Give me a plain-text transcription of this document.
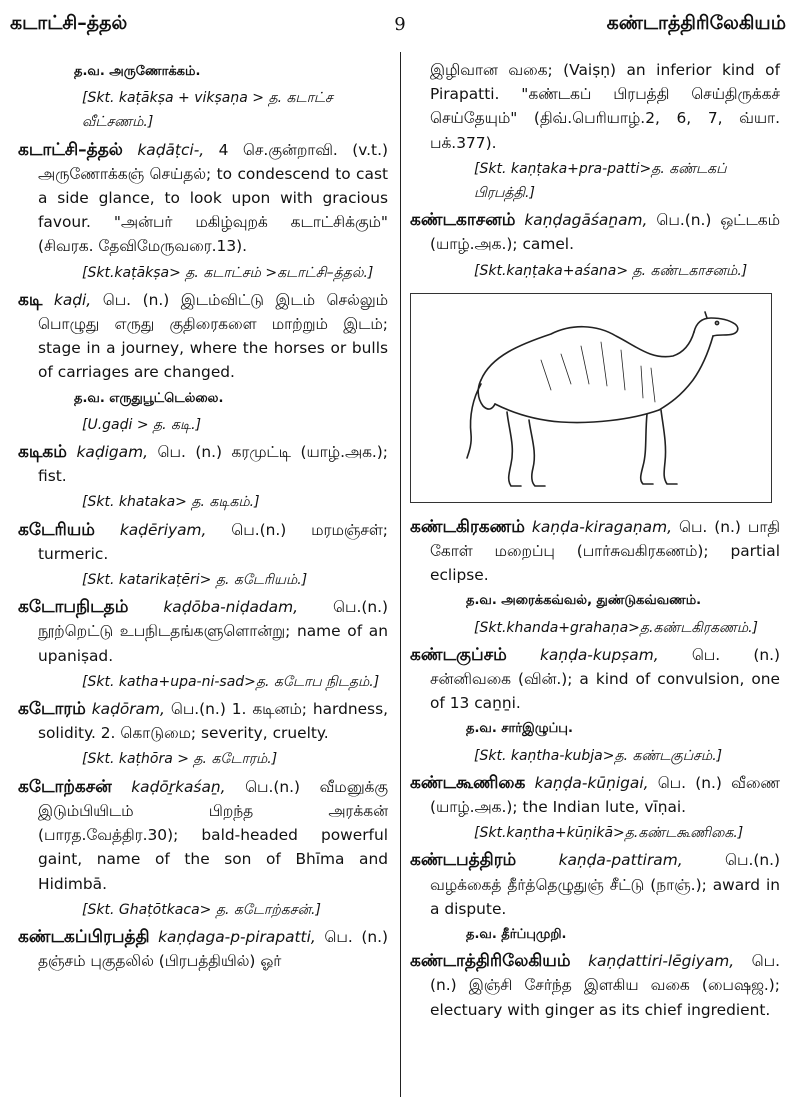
கடாட்சி–த்தல்	9	கண்டாத்திரிலேகியம்
த.வ. அருணோக்கம்.
[Skt. kaṭākṣa + vikṣaṇa > த. கடாட்ச வீட்சணம்.]
கடாட்சி–த்தல் kaḍāṭci-, 4 செ.குன்றாவி. (v.t.) அருணோக்கஞ் செய்தல்; to condescend to cast a side glance, to look upon with gracious favour. "அன்பர் மகிழ்வுறக் கடாட்சிக்கும்" (சிவரக. தேவிமேருவரை.13).
[Skt.kaṭākṣa> த. கடாட்சம் >கடாட்சி–த்தல்.]
கடி kaḍi, பெ. (n.) இடம்விட்டு இடம் செல்லும் பொழுது எருது குதிரைகளை மாற்றும் இடம்; stage in a journey, where the horses or bulls of carriages are changed.
த.வ. எருதுபூட்டெல்லை.
[U.gaḍi > த. கடி.]
கடிகம் kaḍigam, பெ. (n.) கரமுட்டி (யாழ்.அக.); fist.
[Skt. khataka> த. கடிகம்.]
கடேரியம் kaḍēriyam, பெ.(n.) மரமஞ்சள்; turmeric.
[Skt. katarikaṭēri> த. கடேரியம்.]
கடோபநிடதம் kaḍōba-niḍadam, பெ.(n.) நூற்றெட்டு உபநிடதங்களுளொன்று; name of an upaniṣad.
[Skt. katha+upa-ni-sad>த. கடோப நிடதம்.]
கடோரம் kaḍōram, பெ.(n.) 1. கடினம்; hardness, solidity. 2. கொடுமை; severity, cruelty.
[Skt. kaṭhōra > த. கடோரம்.]
கடோற்கசன் kaḍōṟkaśaṉ, பெ.(n.) வீமனுக்கு இடும்பியிடம் பிறந்த அரக்கன் (பாரத.வேத்திர.30); bald-headed powerful gaint, name of the son of Bhīma and Hidimbā.
[Skt. Ghaṭōtkaca> த. கடோற்கசன்.]
கண்டகப்பிரபத்தி kaṇḍaga-p-pirapatti, பெ. (n.) தஞ்சம் புகுதலில் (பிரபத்தியில்) ஓர்
இழிவான வகை; (Vaiṣṇ) an inferior kind of Pirapatti. "கண்டகப் பிரபத்தி செய்திருக்கச் செய்தேயும்" (திவ்.பெரியாழ்.2, 6, 7, வ்யா. பக்.377).
[Skt. kaṇṭaka+pra-patti>த. கண்டகப் பிரபத்தி.]
கண்டகாசனம் kaṇḍagāśaṉam, பெ.(n.) ஒட்டகம் (யாழ்.அக.); camel.
[Skt.kaṇṭaka+aśana> த. கண்டகாசனம்.]
கண்டகிரகணம் kaṇḍa-kiragaṇam, பெ. (n.) பாதி கோள் மறைப்பு (பார்சுவகிரகணம்); partial eclipse.
த.வ. அரைக்கவ்வல், துண்டுகவ்வணம்.
[Skt.khanda+grahaṇa>த.கண்டகிரகணம்.]
கண்டகுப்சம் kaṇḍa-kupṣam, பெ. (n.) சன்னிவகை (வின்.); a kind of convulsion, one of 13 caṉṉi.
த.வ. சார்இழுப்பு.
[Skt. kaṇtha-kubja>த. கண்டகுப்சம்.]
கண்டகூணிகை kaṇḍa-kūṇigai, பெ. (n.) வீணை (யாழ்.அக.); the Indian lute, vīṇai.
[Skt.kaṇtha+kūṇikā>த.கண்டகூணிகை.]
கண்டபத்திரம்	kaṇḍa-pattiram, பெ.(n.) வழக்கைத் தீர்த்தெழுதுஞ் சீட்டு (நாஞ்.); award in a dispute.
த.வ. தீர்ப்புமுறி.
கண்டாத்திரிலேகியம் kaṇḍattiri-lēgiyam, பெ.(n.) இஞ்சி சேர்ந்த இளகிய வகை (பைஷஜ.); electuary with ginger as its chief ingredient.
